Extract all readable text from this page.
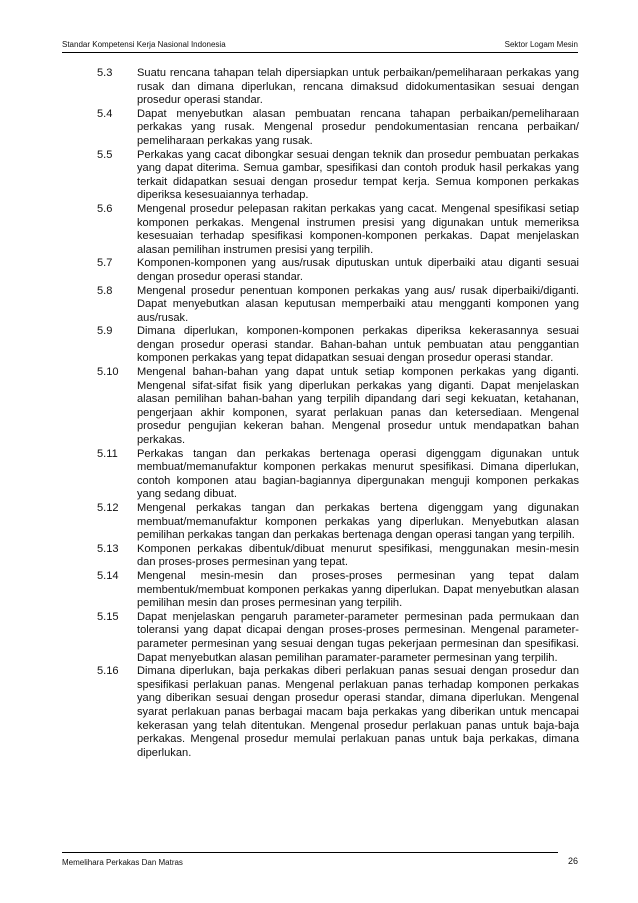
Standar Kompetensi Kerja Nasional Indonesia	Sektor Logam Mesin
5.3	Suatu rencana tahapan telah dipersiapkan untuk perbaikan/pemeliharaan perkakas yang rusak dan dimana diperlukan, rencana dimaksud didokumentasikan sesuai dengan prosedur operasi standar.
5.4	Dapat menyebutkan alasan pembuatan rencana tahapan perbaikan/pemeliharaan perkakas yang rusak. Mengenal prosedur pendokumentasian rencana perbaikan/ pemeliharaan perkakas yang rusak.
5.5	Perkakas yang cacat dibongkar sesuai dengan teknik dan prosedur pembuatan perkakas yang dapat diterima. Semua gambar, spesifikasi dan contoh produk hasil perkakas yang terkait didapatkan sesuai dengan prosedur tempat kerja. Semua komponen perkakas diperiksa kesesuaiannya terhadap.
5.6	Mengenal prosedur pelepasan rakitan perkakas yang cacat. Mengenal spesifikasi setiap komponen perkakas. Mengenal instrumen presisi yang digunakan untuk memeriksa kesesuaian terhadap spesifikasi komponen-komponen perkakas. Dapat menjelaskan alasan pemilihan instrumen presisi yang terpilih.
5.7	Komponen-komponen yang aus/rusak diputuskan untuk diperbaiki atau diganti sesuai dengan prosedur operasi standar.
5.8	Mengenal prosedur penentuan komponen perkakas yang aus/ rusak diperbaiki/diganti. Dapat menyebutkan alasan keputusan memperbaiki atau mengganti komponen yang aus/rusak.
5.9	Dimana diperlukan, komponen-komponen perkakas diperiksa kekerasannya sesuai dengan prosedur operasi standar. Bahan-bahan untuk pembuatan atau penggantian komponen perkakas yang tepat didapatkan sesuai dengan prosedur operasi standar.
5.10	Mengenal bahan-bahan yang dapat untuk setiap komponen perkakas yang diganti. Mengenal sifat-sifat fisik yang diperlukan perkakas yang diganti. Dapat menjelaskan alasan pemilihan bahan-bahan yang terpilih dipandang dari segi kekuatan, ketahanan, pengerjaan akhir komponen, syarat perlakuan panas dan ketersediaan. Mengenal prosedur pengujian kekeran bahan. Mengenal prosedur untuk mendapatkan bahan perkakas.
5.11	Perkakas tangan dan perkakas bertenaga operasi digenggam digunakan untuk membuat/memanufaktur komponen perkakas menurut spesifikasi. Dimana diperlukan, contoh komponen atau bagian-bagiannya dipergunakan menguji komponen perkakas yang sedang dibuat.
5.12	Mengenal perkakas tangan dan perkakas bertena digenggam yang digunakan membuat/memanufaktur komponen perkakas yang diperlukan. Menyebutkan alasan pemilihan perkakas tangan dan perkakas bertenaga dengan operasi tangan yang terpilih.
5.13	Komponen perkakas dibentuk/dibuat menurut spesifikasi, menggunakan mesin-mesin dan proses-proses permesinan yang tepat.
5.14	Mengenal mesin-mesin dan proses-proses permesinan yang tepat dalam membentuk/membuat komponen perkakas yanng diperlukan. Dapat menyebutkan alasan pemilihan mesin dan proses permesinan yang terpilih.
5.15	Dapat menjelaskan pengaruh parameter-parameter permesinan pada permukaan dan toleransi yang dapat dicapai dengan proses-proses permesinan. Mengenal parameter-parameter permesinan yang sesuai dengan tugas pekerjaan permesinan dan spesifikasi. Dapat menyebutkan alasan pemilihan paramater-parameter permesinan yang terpilih.
5.16	Dimana diperlukan, baja perkakas diberi perlakuan panas sesuai dengan prosedur dan spesifikasi perlakuan panas. Mengenal perlakuan panas terhadap komponen perkakas yang diberikan sesuai dengan prosedur operasi standar, dimana diperlukan. Mengenal syarat perlakuan panas berbagai macam baja perkakas yang diberikan untuk mencapai kekerasan yang telah ditentukan. Mengenal prosedur perlakuan panas untuk baja-baja perkakas. Mengenal prosedur memulai perlakuan panas untuk baja perkakas, dimana diperlukan.
Memelihara Perkakas Dan Matras	26
